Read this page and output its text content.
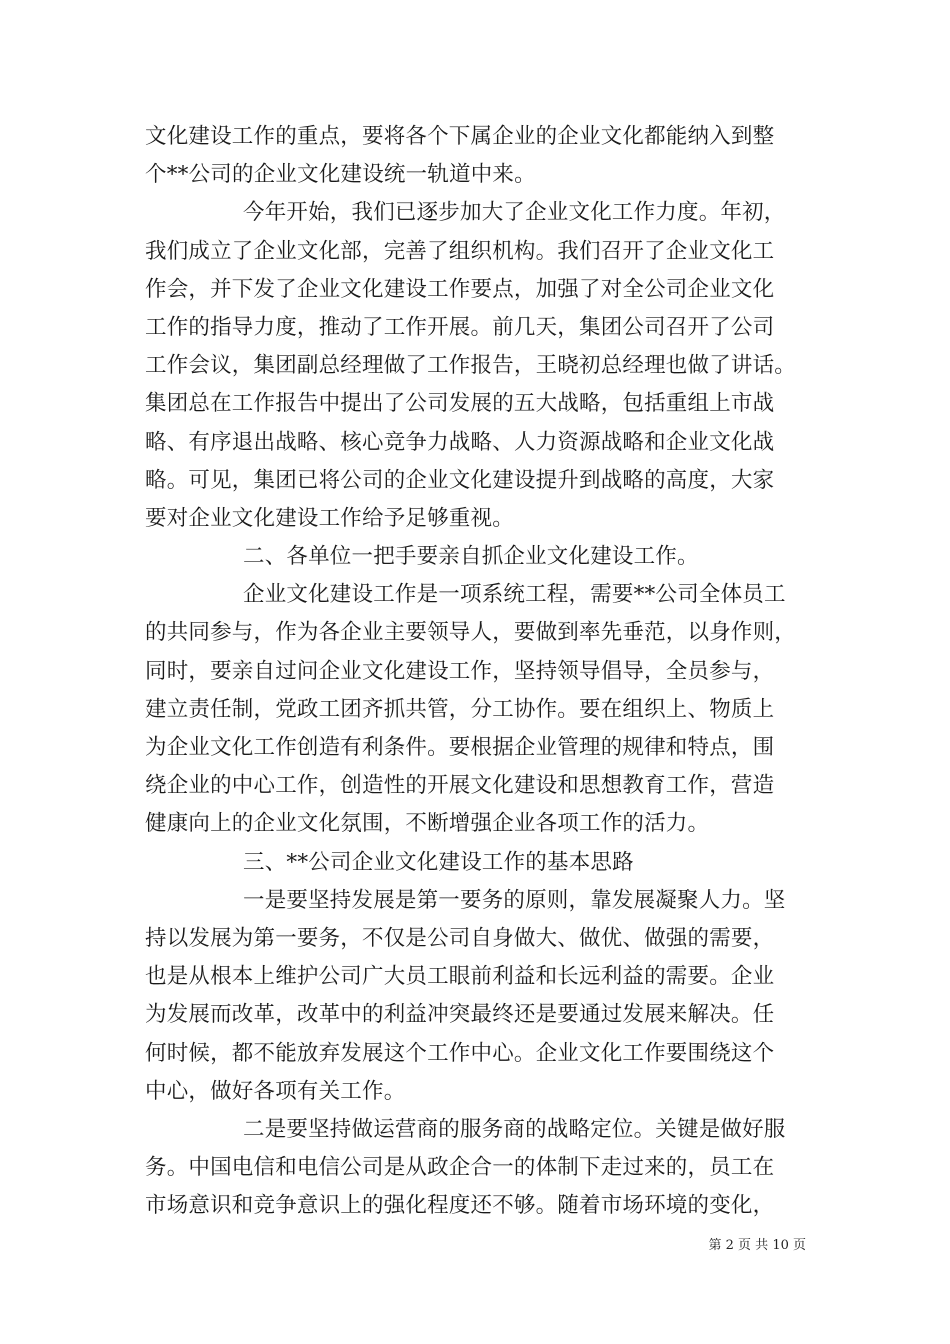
文化建设工作的重点，要将各个下属企业的企业文化都能纳入到整
个**公司的企业文化建设统一轨道中来。
今年开始，我们已逐步加大了企业文化工作力度。年初，
我们成立了企业文化部，完善了组织机构。我们召开了企业文化工
作会，并下发了企业文化建设工作要点，加强了对全公司企业文化
工作的指导力度，推动了工作开展。前几天，集团公司召开了公司
工作会议，集团副总经理做了工作报告，王晓初总经理也做了讲话。
集团总在工作报告中提出了公司发展的五大战略，包括重组上市战
略、有序退出战略、核心竞争力战略、人力资源战略和企业文化战
略。可见，集团已将公司的企业文化建设提升到战略的高度，大家
要对企业文化建设工作给予足够重视。
二、各单位一把手要亲自抓企业文化建设工作。
企业文化建设工作是一项系统工程，需要**公司全体员工
的共同参与，作为各企业主要领导人，要做到率先垂范，以身作则，
同时，要亲自过问企业文化建设工作，坚持领导倡导，全员参与，
建立责任制，党政工团齐抓共管，分工协作。要在组织上、物质上
为企业文化工作创造有利条件。要根据企业管理的规律和特点，围
绕企业的中心工作，创造性的开展文化建设和思想教育工作，营造
健康向上的企业文化氛围，不断增强企业各项工作的活力。
三、**公司企业文化建设工作的基本思路
一是要坚持发展是第一要务的原则，靠发展凝聚人力。坚
持以发展为第一要务，不仅是公司自身做大、做优、做强的需要，
也是从根本上维护公司广大员工眼前利益和长远利益的需要。企业
为发展而改革，改革中的利益冲突最终还是要通过发展来解决。任
何时候，都不能放弃发展这个工作中心。企业文化工作要围绕这个
中心，做好各项有关工作。
二是要坚持做运营商的服务商的战略定位。关键是做好服
务。中国电信和电信公司是从政企合一的体制下走过来的，员工在
市场意识和竞争意识上的强化程度还不够。随着市场环境的变化，
第 2 页 共 10 页
